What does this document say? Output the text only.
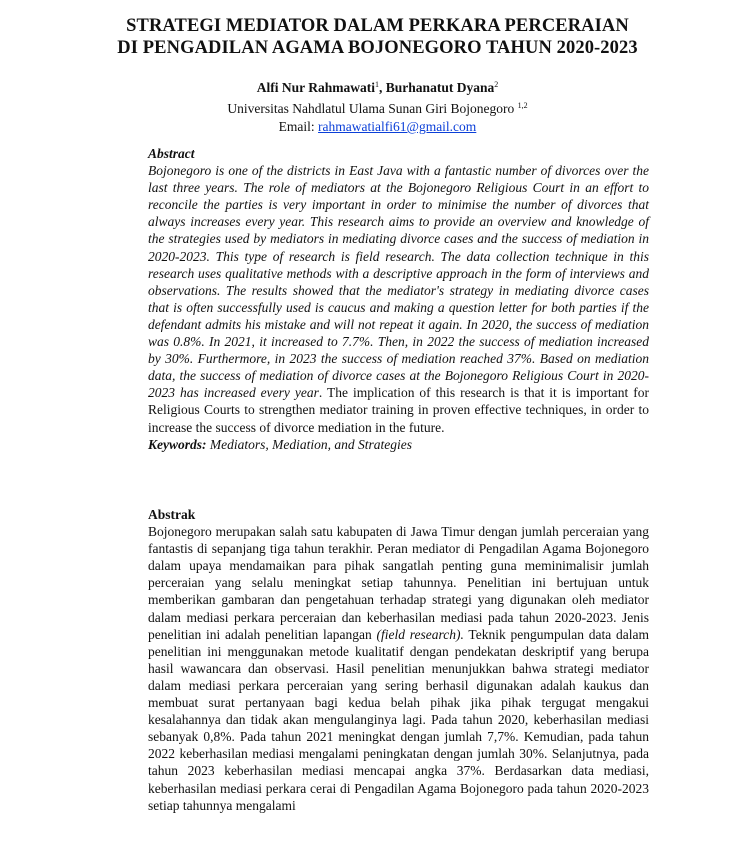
STRATEGI MEDIATOR DALAM PERKARA PERCERAIAN
DI PENGADILAN AGAMA BOJONEGORO TAHUN 2020-2023
Alfi Nur Rahmawati$^1$, Burhanatut Dyana$^2$
Universitas Nahdlatul Ulama Sunan Giri Bojonegoro $^{1,2}$
Email: rahmawatialfi61@gmail.com

Abstract

Bojonegoro is one of the districts in East Java with a fantastic number of divorces over the last three years. The role of mediators at the Bojonegoro Religious Court in an effort to reconcile the parties is very important in order to minimise the number of divorces that always increases every year. This research aims to provide an overview and knowledge of the strategies used by mediators in mediating divorce cases and the success of mediation in 2020-2023. This type of research is field research. The data collection technique in this research uses qualitative methods with a descriptive approach in the form of interviews and observations. The results showed that the mediator's strategy in mediating divorce cases that is often successfully used is caucus and making a question letter for both parties if the defendant admits his mistake and will not repeat it again. In 2020, the success of mediation was 0.8%. In 2021, it increased to 7.7%. Then, in 2022 the success of mediation increased by 30%. Furthermore, in 2023 the success of mediation reached 37%. Based on mediation data, the success of mediation of divorce cases at the Bojonegoro Religious Court in 2020-2023 has increased every year. The implication of this research is that it is important for Religious Courts to strengthen mediator training in proven effective techniques, in order to increase the success of divorce mediation in the future.

Keywords: Mediators, Mediation, and Strategies

Abstrak

Bojonegoro merupakan salah satu kabupaten di Jawa Timur dengan jumlah perceraian yang fantastis di sepanjang tiga tahun terakhir. Peran mediator di Pengadilan Agama Bojonegoro dalam upaya mendamaikan para pihak sangatlah penting guna meminimalisir jumlah perceraian yang selalu meningkat setiap tahunnya. Penelitian ini bertujuan untuk memberikan gambaran dan pengetahuan terhadap strategi yang digunakan oleh mediator dalam mediasi perkara perceraian dan keberhasilan mediasi pada tahun 2020-2023. Jenis penelitian ini adalah penelitian lapangan (field research). Teknik pengumpulan data dalam penelitian ini menggunakan metode kualitatif dengan pendekatan deskriptif yang berupa hasil wawancara dan observasi. Hasil penelitian menunjukkan bahwa strategi mediator dalam mediasi perkara perceraian yang sering berhasil digunakan adalah kaukus dan membuat surat pertanyaan bagi kedua belah pihak jika pihak tergugat mengakui kesalahannya dan tidak akan mengulanginya lagi. Pada tahun 2020, keberhasilan mediasi sebanyak 0,8%. Pada tahun 2021 meningkat dengan jumlah 7,7%. Kemudian, pada tahun 2022 keberhasilan mediasi mengalami peningkatan dengan jumlah 30%. Selanjutnya, pada tahun 2023 keberhasilan mediasi mencapai angka 37%. Berdasarkan data mediasi, keberhasilan mediasi perkara cerai di Pengadilan Agama Bojonegoro pada tahun 2020-2023 setiap tahunnya mengalami
